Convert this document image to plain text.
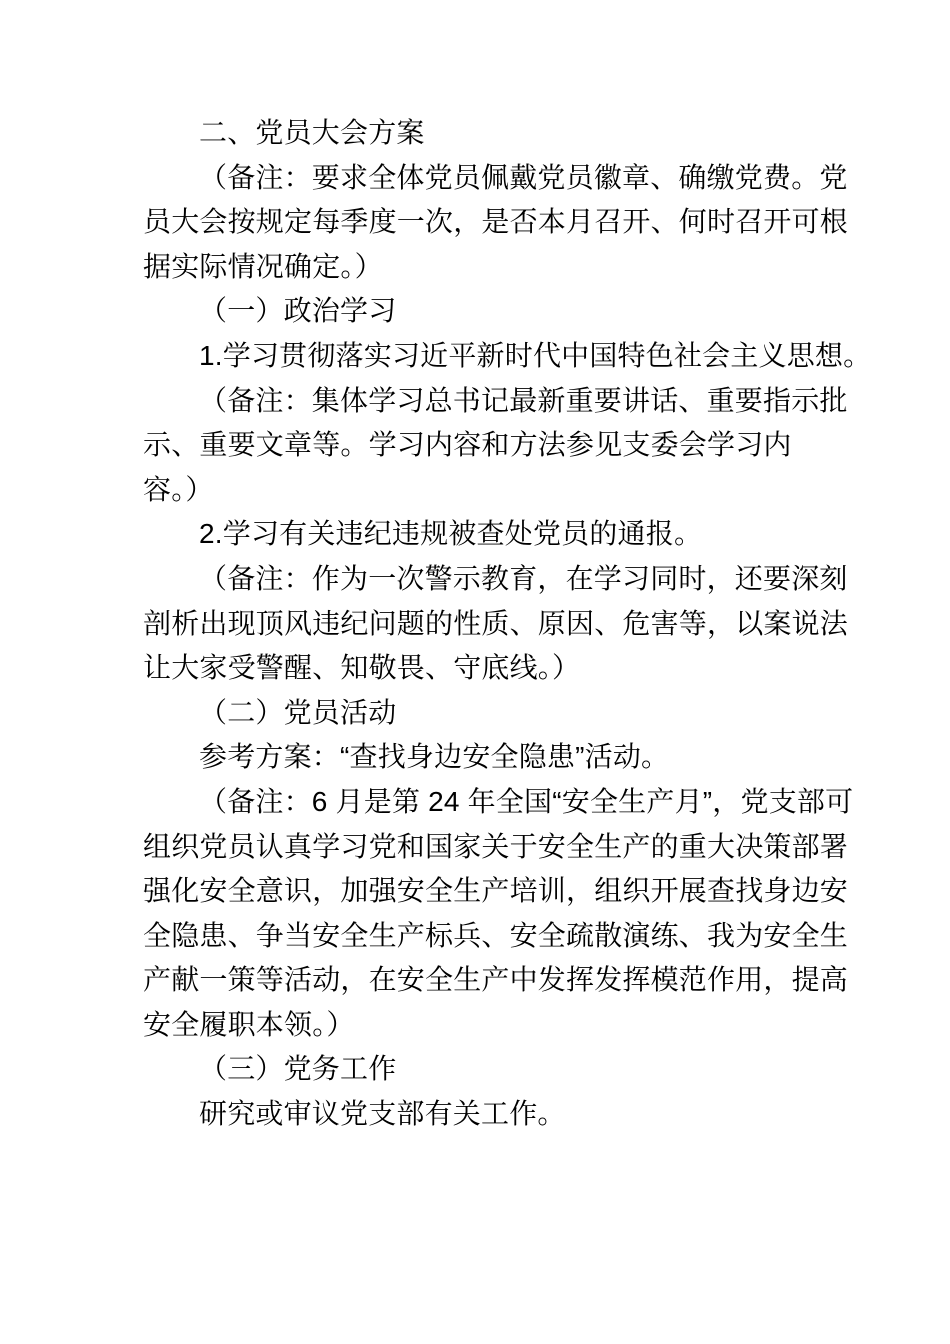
二、党员大会方案
（备注：要求全体党员佩戴党员徽章、确缴党费。党
员大会按规定每季度一次，是否本月召开、何时召开可根
据实际情况确定。）
（一）政治学习
1.学习贯彻落实习近平新时代中国特色社会主义思想。
（备注：集体学习总书记最新重要讲话、重要指示批
示、重要文章等。学习内容和方法参见支委会学习内
容。）
2.学习有关违纪违规被查处党员的通报。
（备注：作为一次警示教育，在学习同时，还要深刻
剖析出现顶风违纪问题的性质、原因、危害等，以案说法
让大家受警醒、知敬畏、守底线。）
（二）党员活动
参考方案：“查找身边安全隐患”活动。
（备注：6 月是第 24 年全国“安全生产月”，党支部可
组织党员认真学习党和国家关于安全生产的重大决策部署
强化安全意识，加强安全生产培训，组织开展查找身边安
全隐患、争当安全生产标兵、安全疏散演练、我为安全生
产献一策等活动，在安全生产中发挥发挥模范作用，提高
安全履职本领。）
（三）党务工作
研究或审议党支部有关工作。
